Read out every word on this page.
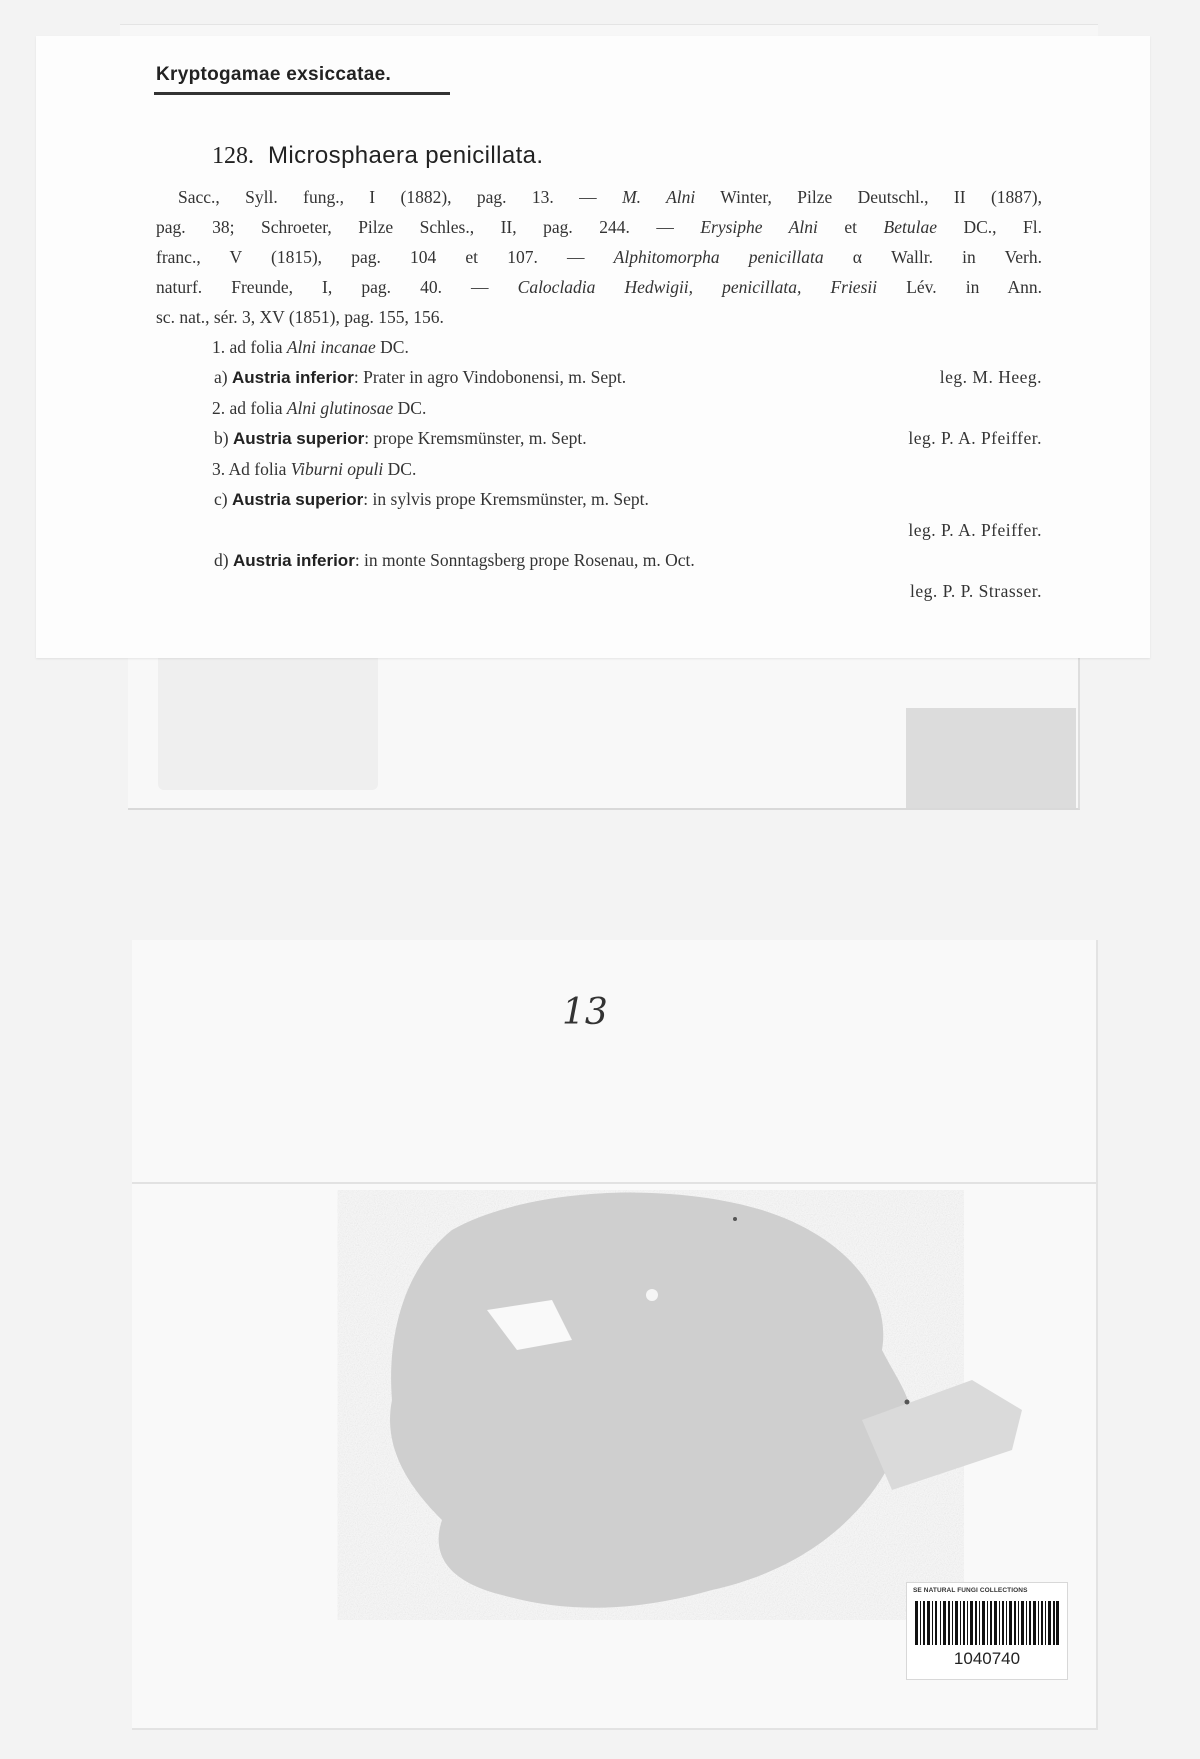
13
SE NATURAL FUNGI COLLECTIONS
1040740
Kryptogamae exsiccatae.
128. Microsphaera penicillata.
Sacc., Syll. fung., I (1882), pag. 13. — M. Alni Winter, Pilze Deutschl., II (1887),
pag. 38; Schroeter, Pilze Schles., II, pag. 244. — Erysiphe Alni et Betulae DC., Fl.
franc., V (1815), pag. 104 et 107. — Alphitomorpha penicillata α Wallr. in Verh.
naturf. Freunde, I, pag. 40. — Calocladia Hedwigii, penicillata, Friesii Lév. in Ann.
sc. nat., sér. 3, XV (1851), pag. 155, 156.
1. ad folia Alni incanae DC.
a) Austria inferior: Prater in agro Vindobonensi, m. Sept.	leg. M. Heeg.
2. ad folia Alni glutinosae DC.
b) Austria superior: prope Kremsmünster, m. Sept.	leg. P. A. Pfeiffer.
3. Ad folia Viburni opuli DC.
c) Austria superior: in sylvis prope Kremsmünster, m. Sept.
leg. P. A. Pfeiffer.
d) Austria inferior: in monte Sonntagsberg prope Rosenau, m. Oct.
leg. P. P. Strasser.
